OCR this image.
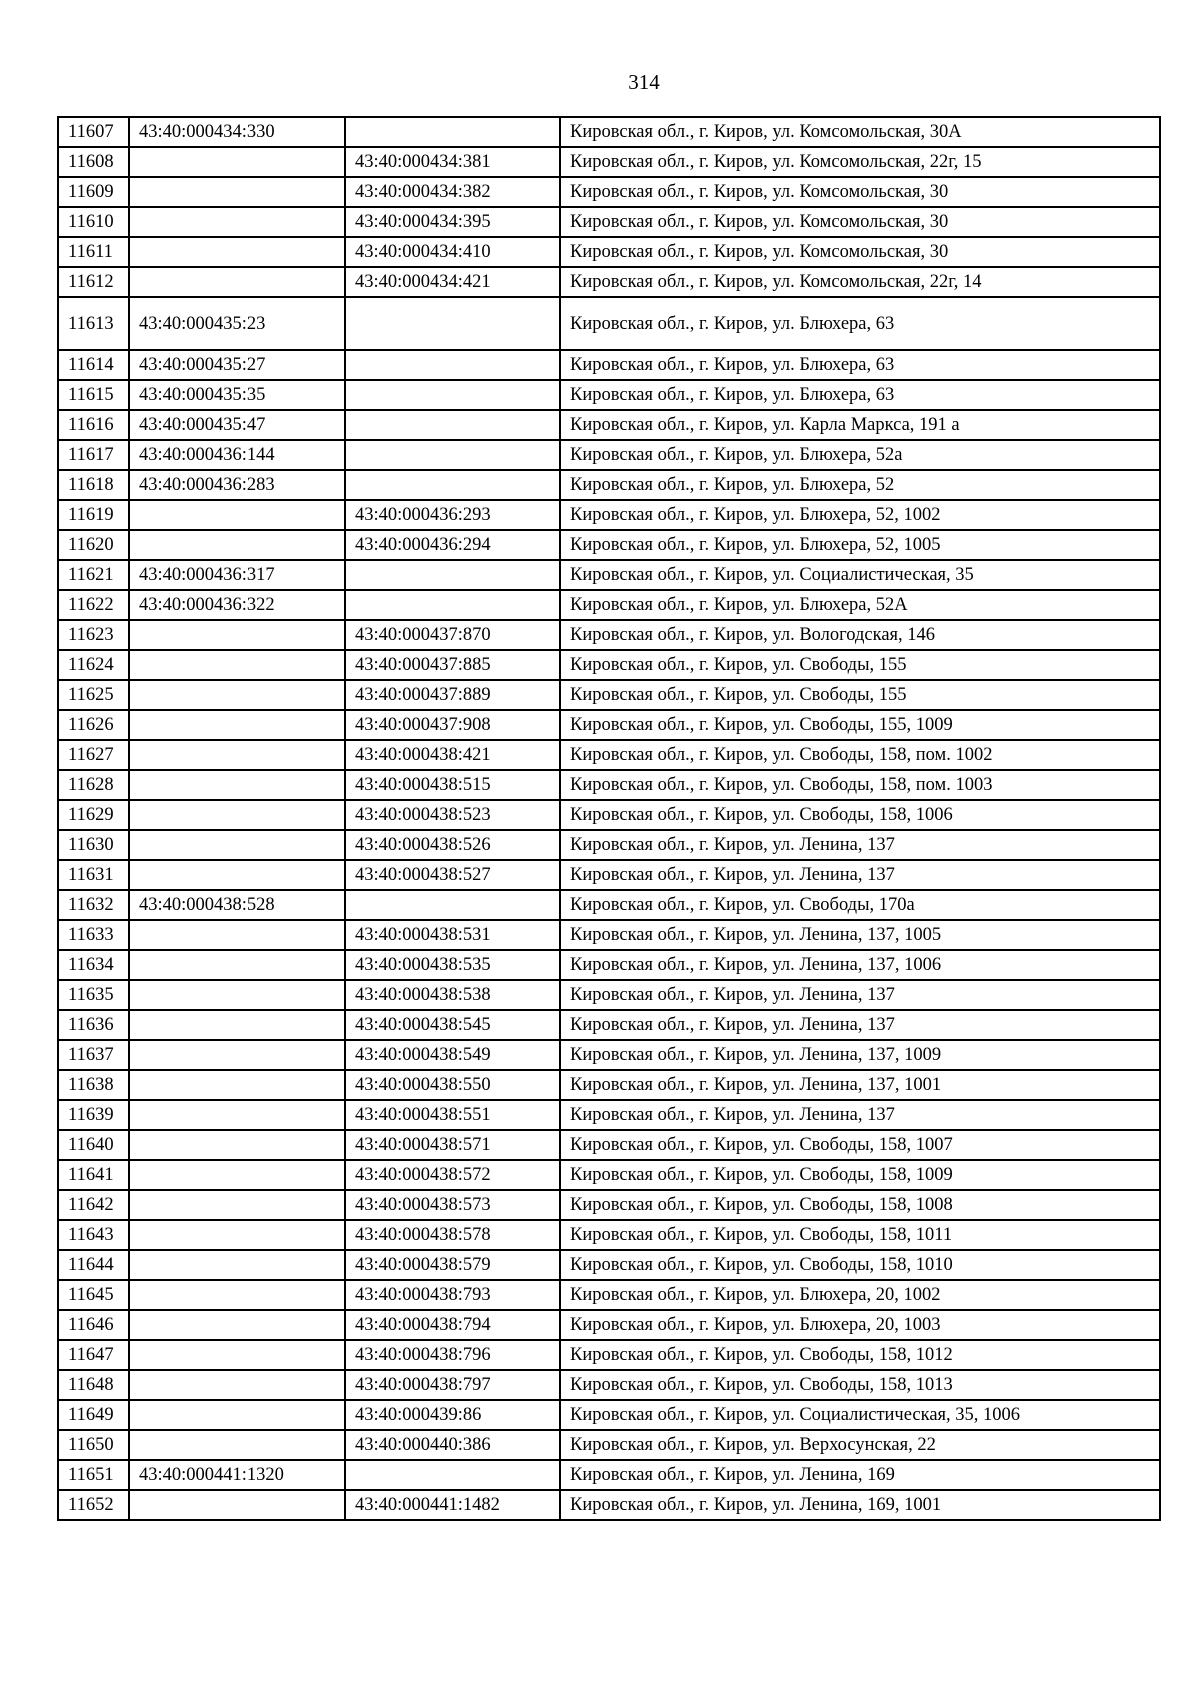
314
11607	43:40:000434:330		Кировская обл., г. Киров, ул. Комсомольская, 30А
11608		43:40:000434:381	Кировская обл., г. Киров, ул. Комсомольская, 22г, 15
11609		43:40:000434:382	Кировская обл., г. Киров, ул. Комсомольская, 30
11610		43:40:000434:395	Кировская обл., г. Киров, ул. Комсомольская, 30
11611		43:40:000434:410	Кировская обл., г. Киров, ул. Комсомольская, 30
11612		43:40:000434:421	Кировская обл., г. Киров, ул. Комсомольская, 22г, 14
11613	43:40:000435:23		Кировская обл., г. Киров, ул. Блюхера, 63
11614	43:40:000435:27		Кировская обл., г. Киров, ул. Блюхера, 63
11615	43:40:000435:35		Кировская обл., г. Киров, ул. Блюхера, 63
11616	43:40:000435:47		Кировская обл., г. Киров, ул. Карла Маркса, 191 а
11617	43:40:000436:144		Кировская обл., г. Киров, ул. Блюхера, 52а
11618	43:40:000436:283		Кировская обл., г. Киров, ул. Блюхера, 52
11619		43:40:000436:293	Кировская обл., г. Киров, ул. Блюхера, 52, 1002
11620		43:40:000436:294	Кировская обл., г. Киров, ул. Блюхера, 52, 1005
11621	43:40:000436:317		Кировская обл., г. Киров, ул. Социалистическая, 35
11622	43:40:000436:322		Кировская обл., г. Киров, ул. Блюхера, 52А
11623		43:40:000437:870	Кировская обл., г. Киров, ул. Вологодская, 146
11624		43:40:000437:885	Кировская обл., г. Киров, ул. Свободы, 155
11625		43:40:000437:889	Кировская обл., г. Киров, ул. Свободы, 155
11626		43:40:000437:908	Кировская обл., г. Киров, ул. Свободы, 155, 1009
11627		43:40:000438:421	Кировская обл., г. Киров, ул. Свободы, 158, пом. 1002
11628		43:40:000438:515	Кировская обл., г. Киров, ул. Свободы, 158, пом. 1003
11629		43:40:000438:523	Кировская обл., г. Киров, ул. Свободы, 158, 1006
11630		43:40:000438:526	Кировская обл., г. Киров, ул. Ленина, 137
11631		43:40:000438:527	Кировская обл., г. Киров, ул. Ленина, 137
11632	43:40:000438:528		Кировская обл., г. Киров, ул. Свободы, 170а
11633		43:40:000438:531	Кировская обл., г. Киров, ул. Ленина, 137, 1005
11634		43:40:000438:535	Кировская обл., г. Киров, ул. Ленина, 137, 1006
11635		43:40:000438:538	Кировская обл., г. Киров, ул. Ленина, 137
11636		43:40:000438:545	Кировская обл., г. Киров, ул. Ленина, 137
11637		43:40:000438:549	Кировская обл., г. Киров, ул. Ленина, 137, 1009
11638		43:40:000438:550	Кировская обл., г. Киров, ул. Ленина, 137, 1001
11639		43:40:000438:551	Кировская обл., г. Киров, ул. Ленина, 137
11640		43:40:000438:571	Кировская обл., г. Киров, ул. Свободы, 158, 1007
11641		43:40:000438:572	Кировская обл., г. Киров, ул. Свободы, 158, 1009
11642		43:40:000438:573	Кировская обл., г. Киров, ул. Свободы, 158, 1008
11643		43:40:000438:578	Кировская обл., г. Киров, ул. Свободы, 158, 1011
11644		43:40:000438:579	Кировская обл., г. Киров, ул. Свободы, 158, 1010
11645		43:40:000438:793	Кировская обл., г. Киров, ул. Блюхера, 20, 1002
11646		43:40:000438:794	Кировская обл., г. Киров, ул. Блюхера, 20, 1003
11647		43:40:000438:796	Кировская обл., г. Киров, ул. Свободы, 158, 1012
11648		43:40:000438:797	Кировская обл., г. Киров, ул. Свободы, 158, 1013
11649		43:40:000439:86	Кировская обл., г. Киров, ул. Социалистическая, 35, 1006
11650		43:40:000440:386	Кировская обл., г. Киров, ул. Верхосунская, 22
11651	43:40:000441:1320		Кировская обл., г. Киров, ул. Ленина, 169
11652		43:40:000441:1482	Кировская обл., г. Киров, ул. Ленина, 169, 1001
